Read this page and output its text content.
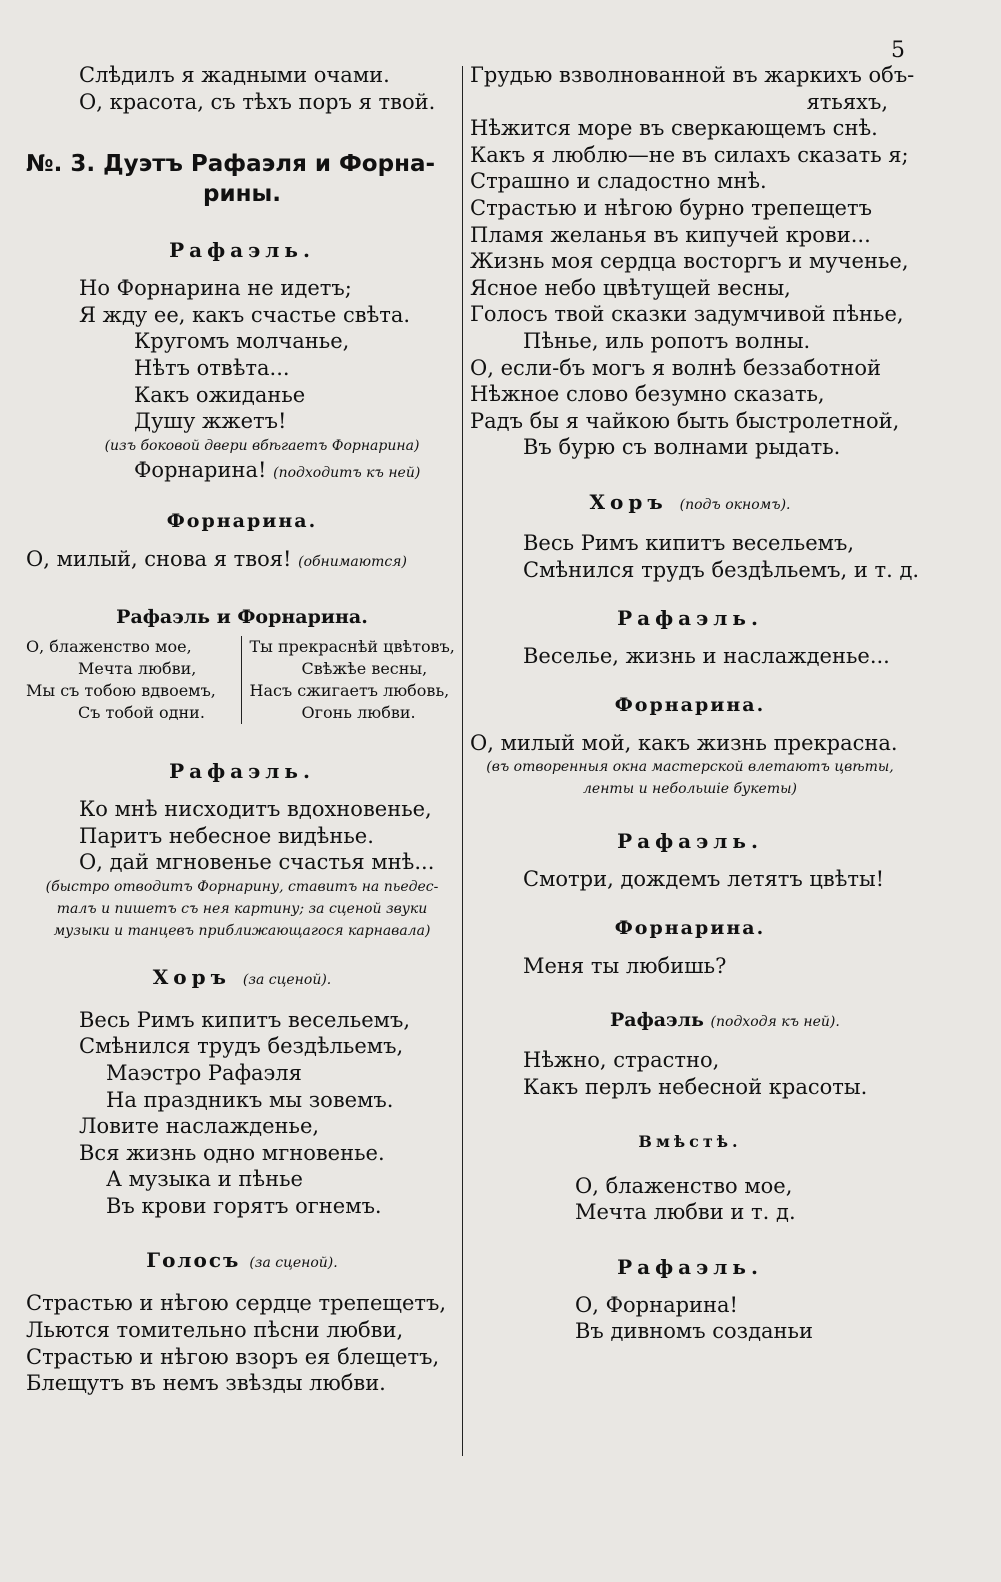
5
Слѣдилъ я жадными очами.
О, красота, съ тѣхъ поръ я твой.
№. 3. Дуэтъ Рафаэля и Форна-
рины.
Рафаэль.
Но Форнарина не идетъ;
Я жду ее, какъ счастье свѣта.
Кругомъ молчанье,
Нѣтъ отвѣта...
Какъ ожиданье
Душу жжетъ!
(изъ боковой двери вбѣгаетъ Форнарина)
Форнарина! (подходитъ къ ней)
Форнарина.
О, милый, снова я твоя! (обнимаются)
Рафаэль и Форнарина.
О, блаженство мое,
Мечта любви,
Мы съ тобою вдвоемъ,
Съ тобой одни.
Ты прекраснѣй цвѣтовъ,
Свѣжѣе весны,
Насъ сжигаетъ любовь,
Огонь любви.
Рафаэль.
Ко мнѣ нисходитъ вдохновенье,
Паритъ небесное видѣнье.
О, дай мгновенье счастья мнѣ...
(быстро отводитъ Форнарину, ставитъ на пьедес-
талъ и пишетъ съ нея картину; за сценой звуки
музыки и танцевъ приближающагося карнавала)
Хоръ (за сценой).
Весь Римъ кипитъ весельемъ,
Смѣнился трудъ бездѣльемъ,
Маэстро Рафаэля
На праздникъ мы зовемъ.
Ловите наслажденье,
Вся жизнь одно мгновенье.
А музыка и пѣнье
Въ крови горятъ огнемъ.
Голосъ (за сценой).
Страстью и нѣгою сердце трепещетъ,
Льются томительно пѣсни любви,
Страстью и нѣгою взоръ ея блещетъ,
Блещутъ въ немъ звѣзды любви.
Грудью взволнованной въ жаркихъ объ-
ятьяхъ,
Нѣжится море въ сверкающемъ снѣ.
Какъ я люблю—не въ силахъ сказать я;
Страшно и сладостно мнѣ.
Страстью и нѣгою бурно трепещетъ
Пламя желанья въ кипучей крови...
Жизнь моя сердца восторгъ и мученье,
Ясное небо цвѣтущей весны,
Голосъ твой сказки задумчивой пѣнье,
Пѣнье, иль ропотъ волны.
О, если-бъ могъ я волнѣ беззаботной
Нѣжное слово безумно сказать,
Радъ бы я чайкою быть быстролетной,
Въ бурю съ волнами рыдать.
Хоръ (подъ окномъ).
Весь Римъ кипитъ весельемъ,
Смѣнился трудъ бездѣльемъ, и т. д.
Рафаэль.
Веселье, жизнь и наслажденье...
Форнарина.
О, милый мой, какъ жизнь прекрасна.
(въ отворенныя окна мастерской влетаютъ цвѣты,
ленты и небольшіе букеты)
Рафаэль.
Смотри, дождемъ летятъ цвѣты!
Форнарина.
Меня ты любишь?
Рафаэль (подходя къ ней).
Нѣжно, страстно,
Какъ перлъ небесной красоты.
Вмѣстѣ.
О, блаженство мое,
Мечта любви и т. д.
Рафаэль.
О, Форнарина!
Въ дивномъ созданьи
